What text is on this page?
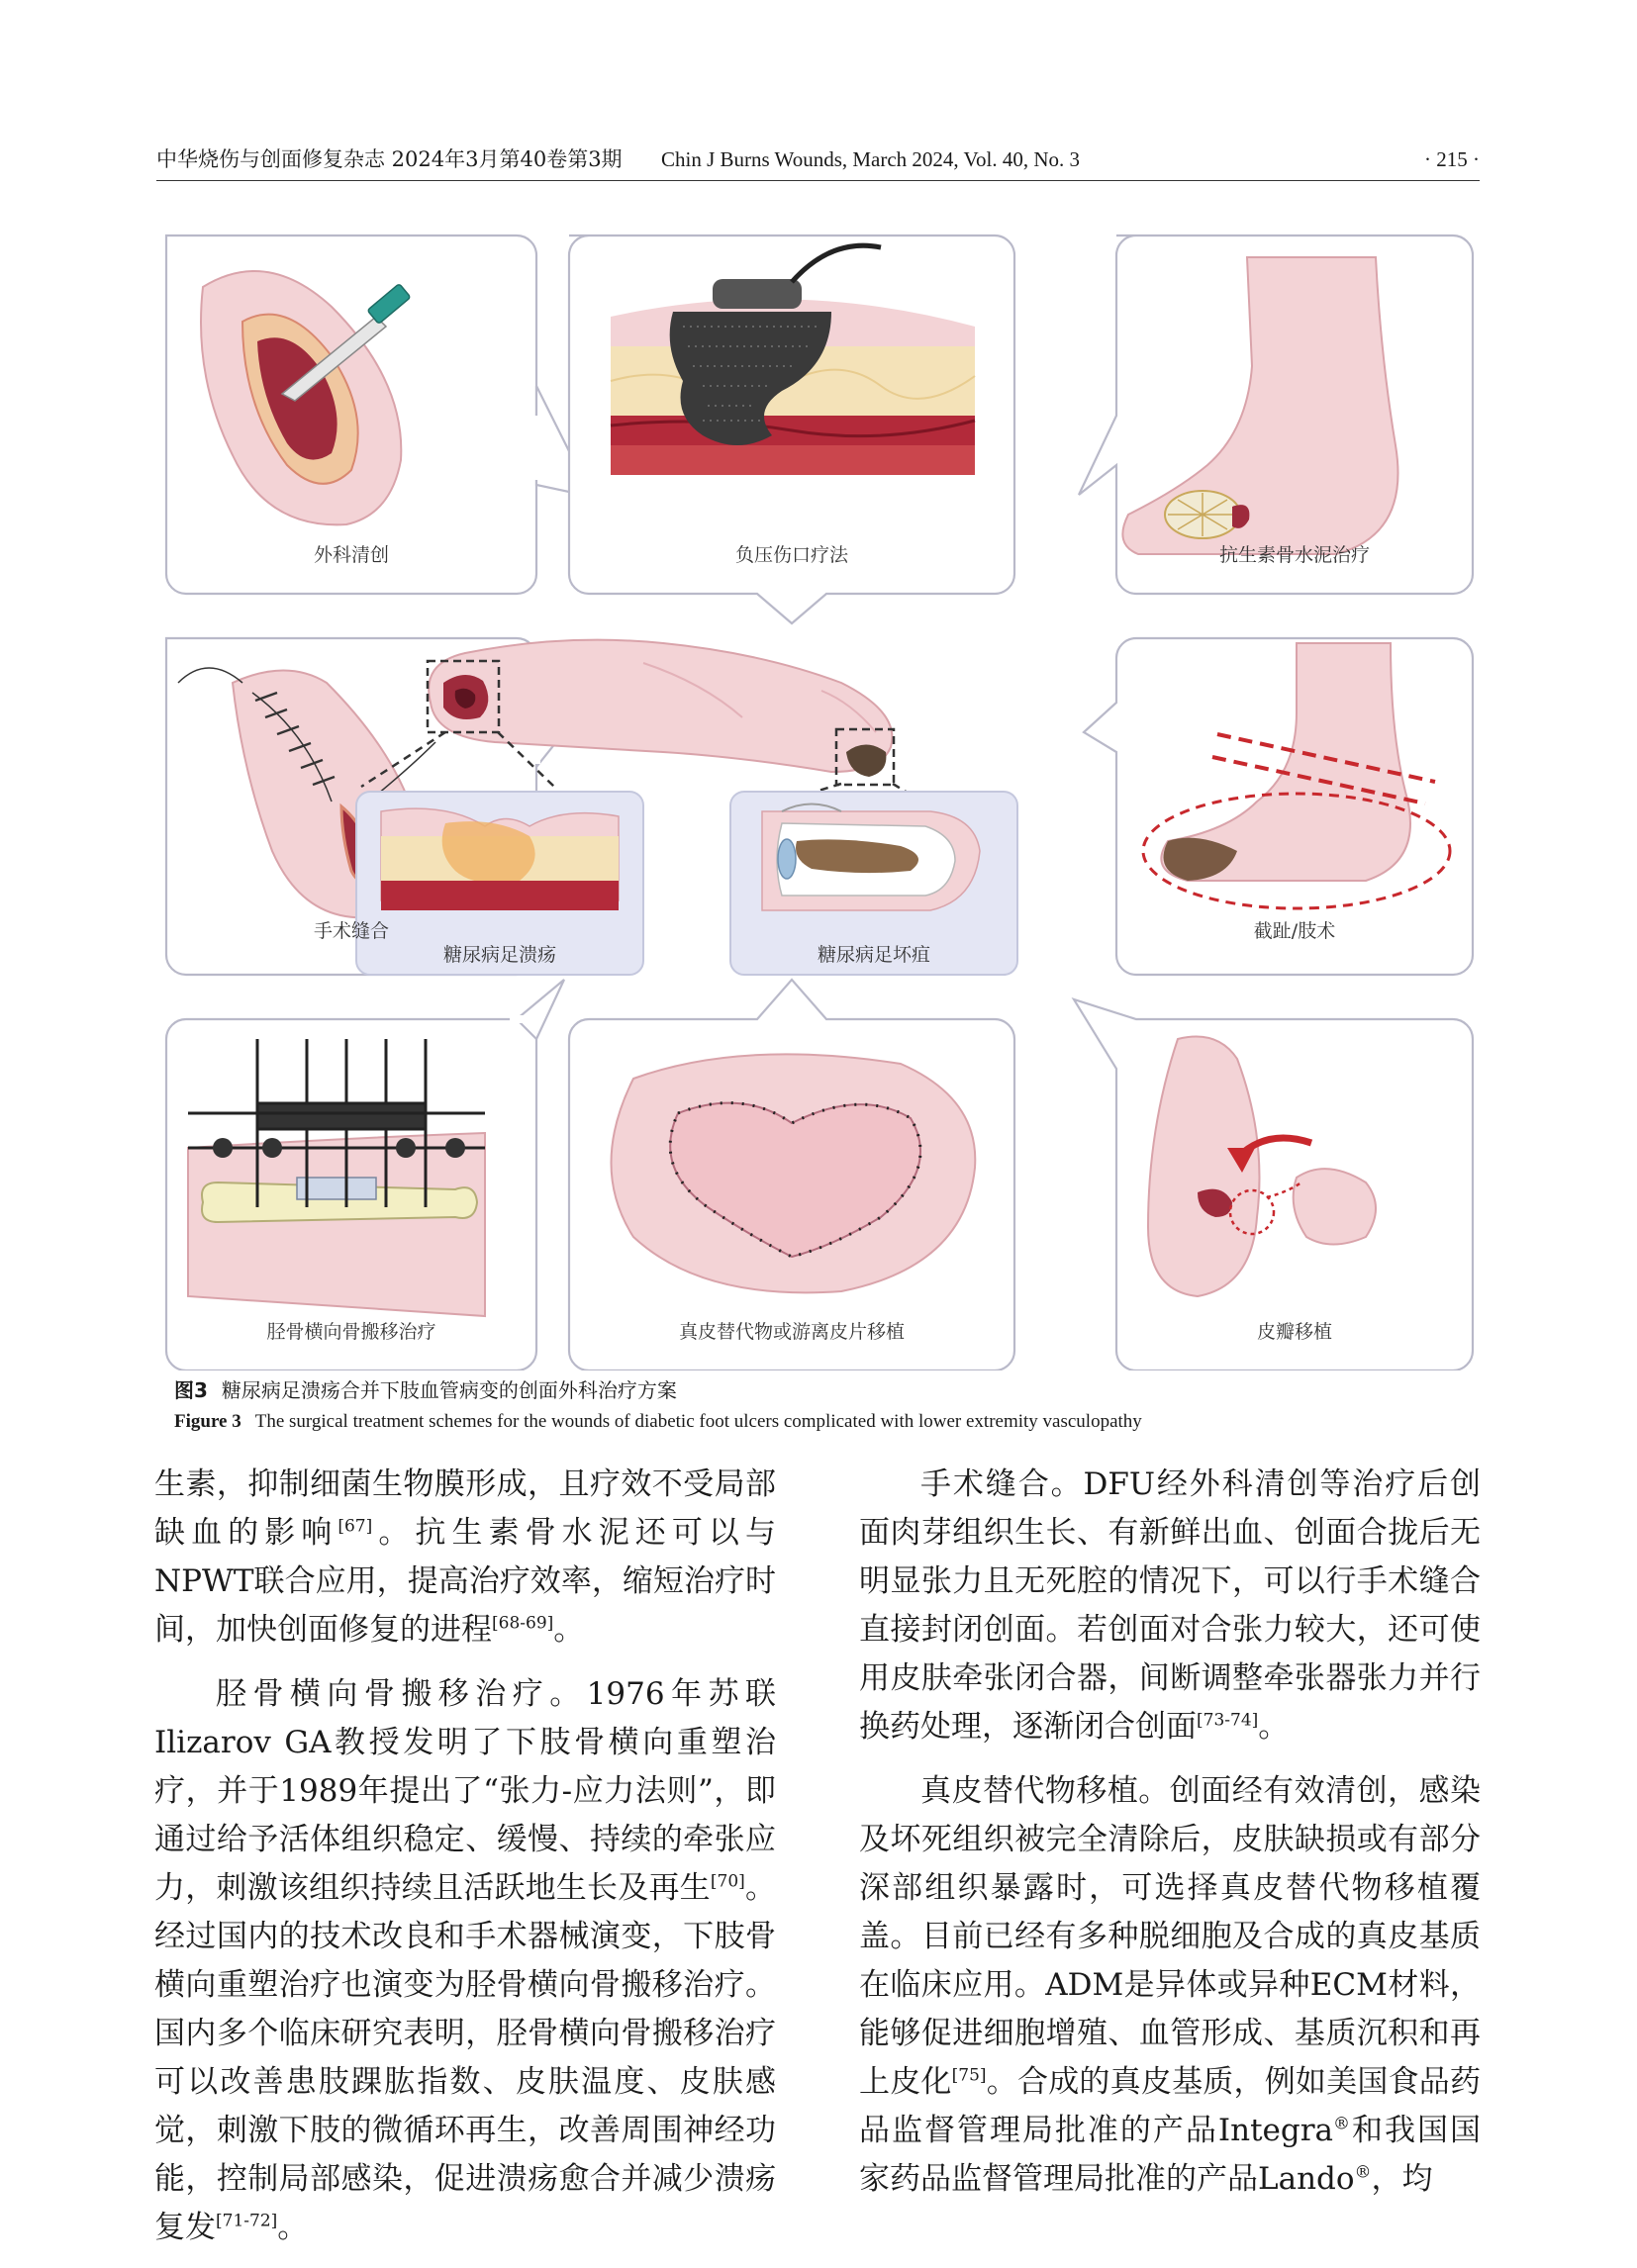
中华烧伤与创面修复杂志 2024年3月第40卷第3期 Chin J Burns Wounds, March 2024, Vol. 40, No. 3	· 215 ·
外科清创	负压伤口疗法	抗生素骨水泥治疗
手术缝合	截趾/肢术
糖尿病足溃疡	糖尿病足坏疽
胫骨横向骨搬移治疗	真皮替代物或游离皮片移植	皮瓣移植
图3 糖尿病足溃疡合并下肢血管病变的创面外科治疗方案
Figure 3 The surgical treatment schemes for the wounds of diabetic foot ulcers complicated with lower extremity vasculopathy

生素，抑制细菌生物膜形成，且疗效不受局部缺血的影响[67]。抗生素骨水泥还可以与NPWT联合应用，提高治疗效率，缩短治疗时间，加快创面修复的进程[68-69]。

胫骨横向骨搬移治疗。1976年苏联Ilizarov GA教授发明了下肢骨横向重塑治疗，并于1989年提出了“张力-应力法则”，即通过给予活体组织稳定、缓慢、持续的牵张应力，刺激该组织持续且活跃地生长及再生[70]。经过国内的技术改良和手术器械演变，下肢骨横向重塑治疗也演变为胫骨横向骨搬移治疗。国内多个临床研究表明，胫骨横向骨搬移治疗可以改善患肢踝肱指数、皮肤温度、皮肤感觉，刺激下肢的微循环再生，改善周围神经功能，控制局部感染，促进溃疡愈合并减少溃疡复发[71-72]。

手术缝合。DFU经外科清创等治疗后创面肉芽组织生长、有新鲜出血、创面合拢后无明显张力且无死腔的情况下，可以行手术缝合直接封闭创面。若创面对合张力较大，还可使用皮肤牵张闭合器，间断调整牵张器张力并行换药处理，逐渐闭合创面[73-74]。

真皮替代物移植。创面经有效清创，感染及坏死组织被完全清除后，皮肤缺损或有部分深部组织暴露时，可选择真皮替代物移植覆盖。目前已经有多种脱细胞及合成的真皮基质在临床应用。ADM是异体或异种ECM材料，能够促进细胞增殖、血管形成、基质沉积和再上皮化[75]。合成的真皮基质，例如美国食品药品监督管理局批准的产品Integra®和我国国家药品监督管理局批准的产品Lando®，均
